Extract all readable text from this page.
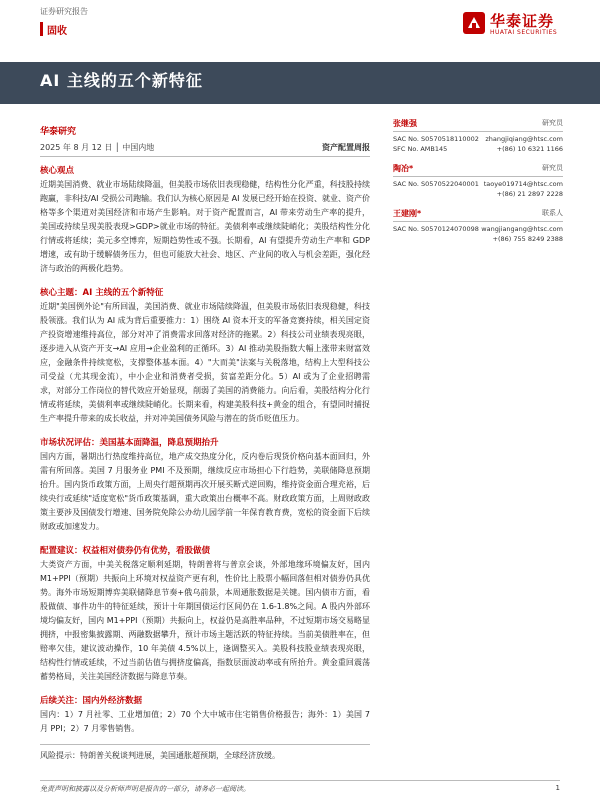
证券研究报告
固收
华泰证券
HUATAI SECURITIES
AI 主线的五个新特征
华泰研究
2025 年 8 月 12 日 │ 中国内地	资产配置周报
核心观点
近期美国消费、就业市场陆续降温，但美股市场依旧表现稳健，结构性分化严重，科技股持续跑赢，非科技/AI 受损公司跑输。我们认为核心原因是 AI 发展已经开始在投资、就业、资产价格等多个渠道对美国经济和市场产生影响。对于资产配置而言，AI 带来劳动生产率的提升，美国或持续呈现美股表现>GDP>就业市场的特征。美债利率或继续陡峭化；美股结构性分化行情或将延续；美元多空博弈，短期趋势性或不强。长期看，AI 有望提升劳动生产率和 GDP 增速，或有助于缓解债务压力，但也可能放大社会、地区、产业间的收入与机会差距，强化经济与政治的两极化趋势。
核心主题：AI 主线的五个新特征
近期"美国例外论"有所回温，美国消费、就业市场陆续降温，但美股市场依旧表现稳健，科技股领涨。我们认为 AI 成为背后重要推力：1）围绕 AI 资本开支的军备竞赛持续，相关国定资产投资增速维持高位，部分对冲了消费需求回落对经济的拖累。2）科技公司业绩表现亮眼，逐步进入从资产开支→AI 应用→企业盈利的正循环。3）AI 推动美股指数大幅上涨带来财富效应，金融条件持续宽松，支撑整体基本面。4）"大而美"法案与关税落地，结构上大型科技公司受益（尤其现金流），中小企业和消费者受损，贫富差距分化。5）AI 或为了企业招聘需求，对部分工作岗位的替代效应开始显现，削弱了美国的消费能力。向后看，美股结构分化行情或将延续，美债利率或继续陡峭化。长期来看，构建美股科技+黄金的组合，有望同时捕捉生产率提升带来的成长收益，并对冲美国债务风险与潜在的货币贬值压力。
市场状况评估：美国基本面降温，降息预期抬升
国内方面，暑期出行热度维持高位，地产成交热度分化，反内卷后现货价格向基本面回归，外需有所回落。美国 7 月服务业 PMI 不及预期，继续反应市场担心下行趋势，美联储降息预期抬升。国内货币政策方面，上周央行超预期再次开展买断式逆回购，维持资金面合理充裕，后续央行或延续"适度宽松"货币政策基调，重大政策出台概率不高。财政政策方面，上周财政政策主要涉及国债发行增速、国务院免除公办幼儿园学前一年保育教育费，宽松的资金面下后续财政或加速发力。
配置建议：权益相对债券仍有优势，看股做债
大类资产方面，中美关税落定顺利延期，特朗普将与普京会谈，外部地缘环境偏友好，国内 M1+PPI（预期）共振向上环境对权益资产更有利，性价比上股票小幅回落但相对债券仍具优势。海外市场短期博弈美联储降息节奏+俄乌前景，本周通胀数据是关键。国内债市方面，看股做债、事件功牛的特征延续，预计十年期国债运行区间仍在 1.6-1.8%之间。A 股内外部环境均偏友好，国内 M1+PPI（预期）共振向上，权益仍是高胜率品种，不过短期市场交易略显拥挤，中报密集披露期、两融数据攀升，预计市场主题活跃的特征持续。当前美债胜率在，但赔率欠佳，建议波动操作，10 年美债 4.5%以上，逢调整买入。美股科技股业绩表现亮眼，结构性行情或延续，不过当前估值与拥挤度偏高，指数层面波动率或有所抬升。黄金重回震荡蓄势格局，关注美国经济数据与降息节奏。
后续关注：国内外经济数据
国内：1）7 月社零、工业增加值；2）70 个大中城市住宅销售价格报告；海外：1）美国 7 月 PPI；2）7 月零售销售。
风险提示：特朗普关税谈判进展，美国通胀超预期，全球经济放缓。
张继强	研究员
SAC No. S0570518110002 zhangjiqiang@htsc.com
SFC No. AMB145	+(86) 10 6321 1166
陶冶*	研究员
SAC No. S0570522040001 taoye019714@htsc.com
+(86) 21 2897 2228
王建刚*	联系人
SAC No. S0570124070098 wangjiangang@htsc.com
+(86) 755 8249 2388
免责声明和披露以及分析师声明是报告的一部分，请务必一起阅读。	1
